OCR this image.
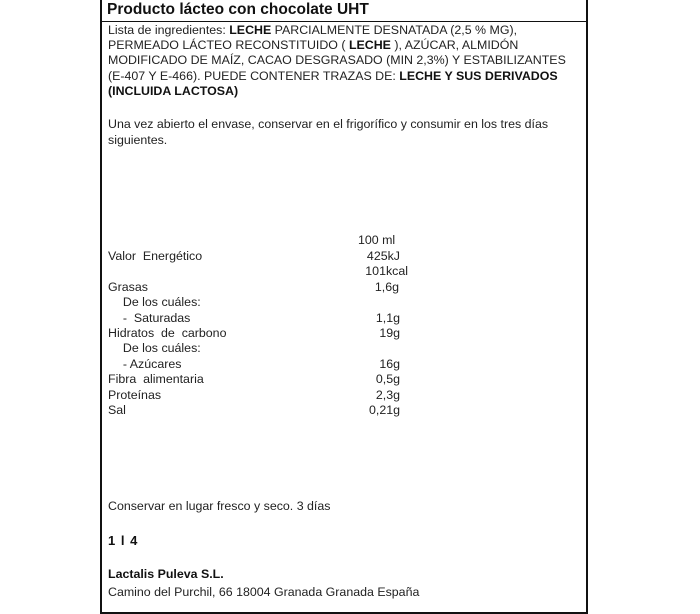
Producto lácteo con chocolate UHT
Lista de ingredientes: LECHE PARCIALMENTE DESNATADA (2,5 % MG), PERMEADO LÁCTEO RECONSTITUIDO ( LECHE ), AZÚCAR, ALMIDÓN MODIFICADO DE MAÍZ, CACAO DESGRASADO (MIN 2,3%) Y ESTABILIZANTES (E-407 Y E-466). PUEDE CONTENER TRAZAS DE: LECHE Y SUS DERIVADOS (INCLUIDA LACTOSA)
Una vez abierto el envase, conservar en el frigorífico y consumir en los tres días siguientes.
100 ml
Valor  Energético	425kJ
101kcal
Grasas	1,6g
De los cuáles:
-  Saturadas	1,1g
Hidratos  de  carbono	19g
De los cuáles:
- Azúcares	16g
Fibra  alimentaria	0,5g
Proteínas	2,3g
Sal	0,21g
Conservar en lugar fresco y seco. 3 días
1 l 4
Lactalis Puleva S.L.
Camino del Purchil, 66 18004 Granada Granada España
